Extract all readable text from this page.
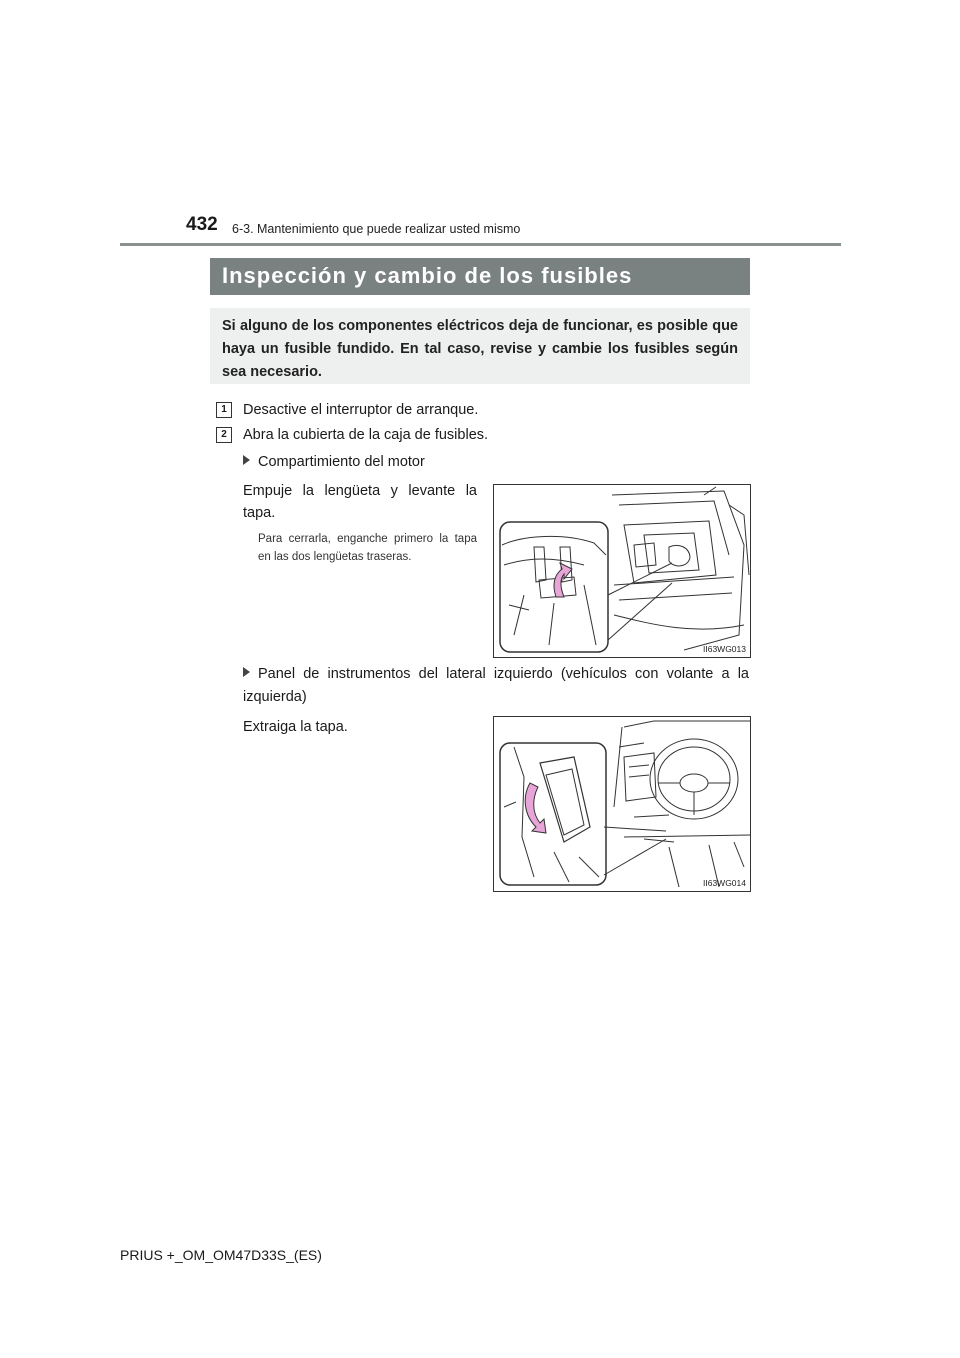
432 6-3. Mantenimiento que puede realizar usted mismo
Inspección y cambio de los fusibles
Si alguno de los componentes eléctricos deja de funcionar, es posible que haya un fusible fundido. En tal caso, revise y cambie los fusibles según sea necesario.
1	Desactive el interruptor de arranque.
2	Abra la cubierta de la caja de fusibles.
Compartimiento del motor
Empuje la lengüeta y levante la tapa.
Para cerrarla, enganche primero la tapa en las dos lengüetas traseras.
II63WG013
Panel de instrumentos del lateral izquierdo (vehículos con volante a la izquierda)
Extraiga la tapa.
II63WG014
PRIUS +_OM_OM47D33S_(ES)
